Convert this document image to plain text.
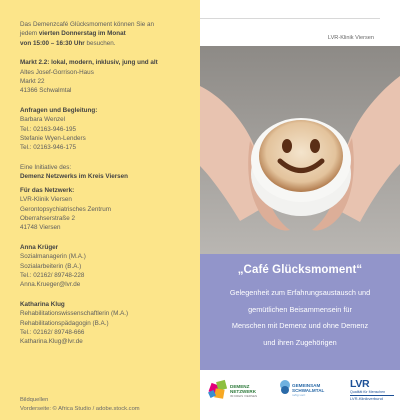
Das Demenzcafé Glücksmoment können Sie an

jedem vierten Donnerstag im Monat

von 15:00 – 16:30 Uhr besuchen.

Markt 2.2: lokal, modern, inklusiv, jung und alt

Altes Josef-Gorrison-Haus

Markt 22

41366 Schwalmtal

Anfragen und Begleitung:

Barbara Wenzel

Tel.: 02163-946-195

Stefanie Wyen-Lenders

Tel.: 02163-946-175

Eine Initiative des:

Demenz Netzwerks im Kreis Viersen

Für das Netzwerk:

LVR-Klinik Viersen

Gerontopsychiatrisches Zentrum

Oberrahserstraße 2

41748 Viersen

Anna Krüger

Sozialmanagerin (M.A.)

Sozialarbeiterin (B.A.)

Tel.: 02162/ 89748-228

Anna.Krueger@lvr.de

Katharina Klug

Rehabilitationswissenschaftlerin (M.A.)

Rehabilitationspädagogin (B.A.)

Tel.: 02162/ 89748-666

Katharina.Klug@lvr.de

Bildquellen

Vorderseite: © Africa Studio / adobe.stock.com

LVR-Klinik Viersen
„Café Glücksmoment“
Gelegenheit zum Erfahrungsaustausch und
gemütlichen Beisammensein für
Menschen mit Demenz und ohne Demenz
und ihren Zugehörigen
DEMENZ
NETZWERK
IM KREIS VIERSEN
GEMEINSAM
SCHWALMTAL
ruhig vorn
LVR
Qualität für Menschen
LVR-Klinikverbund
